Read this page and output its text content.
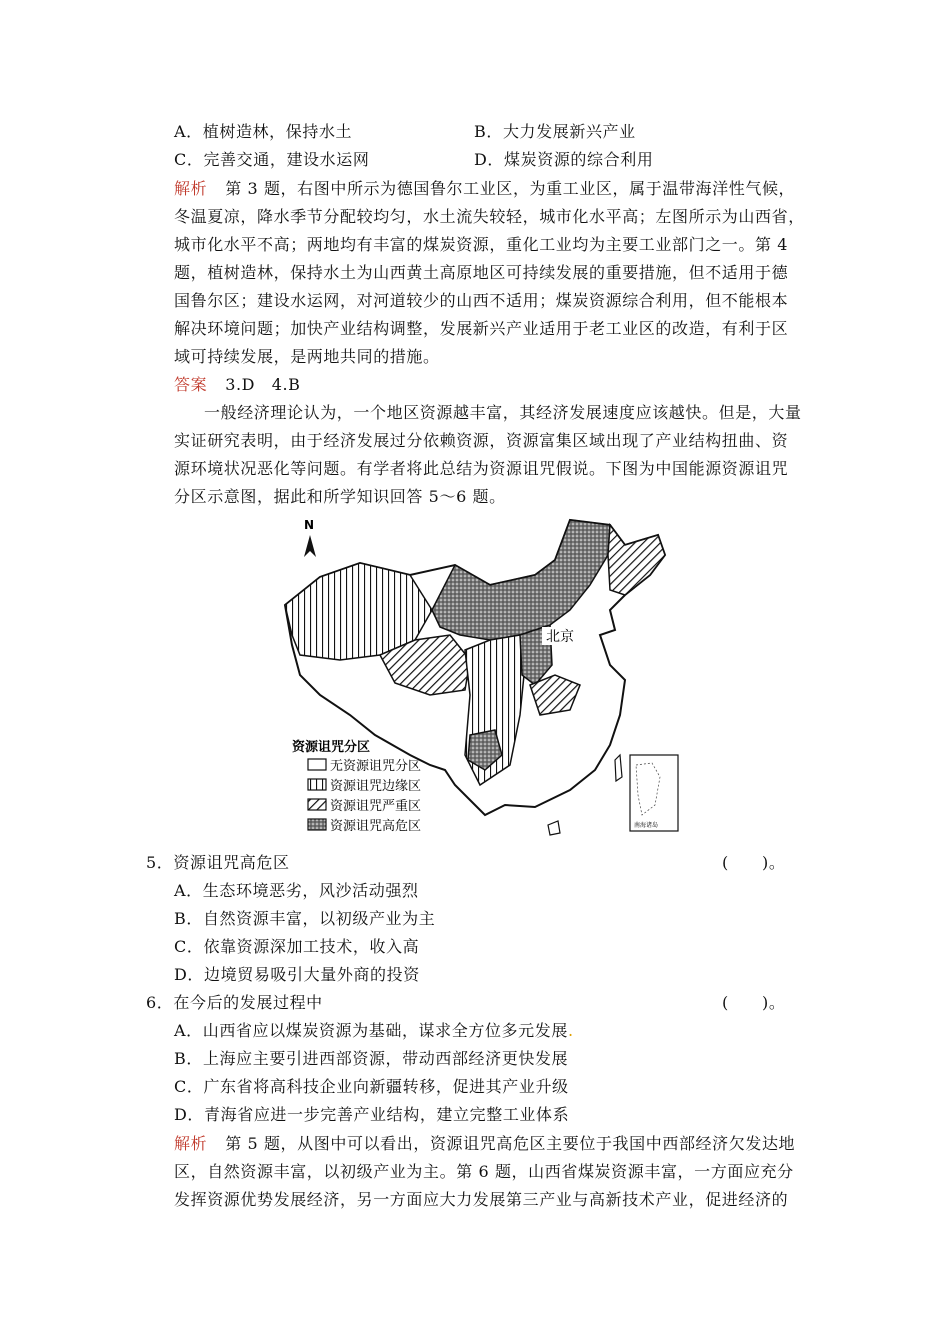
A．植树造林，保持水土	B．大力发展新兴产业
C．完善交通，建设水运网	D．煤炭资源的综合利用
解析 第 3 题，右图中所示为德国鲁尔工业区，为重工业区，属于温带海洋性气候，
冬温夏凉，降水季节分配较均匀，水土流失较轻，城市化水平高；左图所示为山西省，
城市化水平不高；两地均有丰富的煤炭资源，重化工业均为主要工业部门之一。第 4
题，植树造林，保持水土为山西黄土高原地区可持续发展的重要措施，但不适用于德
国鲁尔区；建设水运网，对河道较少的山西不适用；煤炭资源综合利用，但不能根本
解决环境问题；加快产业结构调整，发展新兴产业适用于老工业区的改造，有利于区
域可持续发展，是两地共同的措施。
答案 3.D　4.B
一般经济理论认为，一个地区资源越丰富，其经济发展速度应该越快。但是，大量
实证研究表明，由于经济发展过分依赖资源，资源富集区域出现了产业结构扭曲、资
源环境状况恶化等问题。有学者将此总结为资源诅咒假说。下图为中国能源资源诅咒
分区示意图，据此和所学知识回答 5～6 题。
N
北京
南海诸岛
资源诅咒分区
无资源诅咒分区
资源诅咒边缘区
资源诅咒严重区
资源诅咒高危区
5．资源诅咒高危区	(　　)。
A．生态环境恶劣，风沙活动强烈
B．自然资源丰富，以初级产业为主
C．依靠资源深加工技术，收入高
D．边境贸易吸引大量外商的投资
6．在今后的发展过程中	(　　)。
A．山西省应以煤炭资源为基础，谋求全方位多元发展.
B．上海应主要引进西部资源，带动西部经济更快发展
C．广东省将高科技企业向新疆转移，促进其产业升级
D．青海省应进一步完善产业结构，建立完整工业体系
解析 第 5 题，从图中可以看出，资源诅咒高危区主要位于我国中西部经济欠发达地
区，自然资源丰富，以初级产业为主。第 6 题，山西省煤炭资源丰富，一方面应充分
发挥资源优势发展经济，另一方面应大力发展第三产业与高新技术产业，促进经济的
